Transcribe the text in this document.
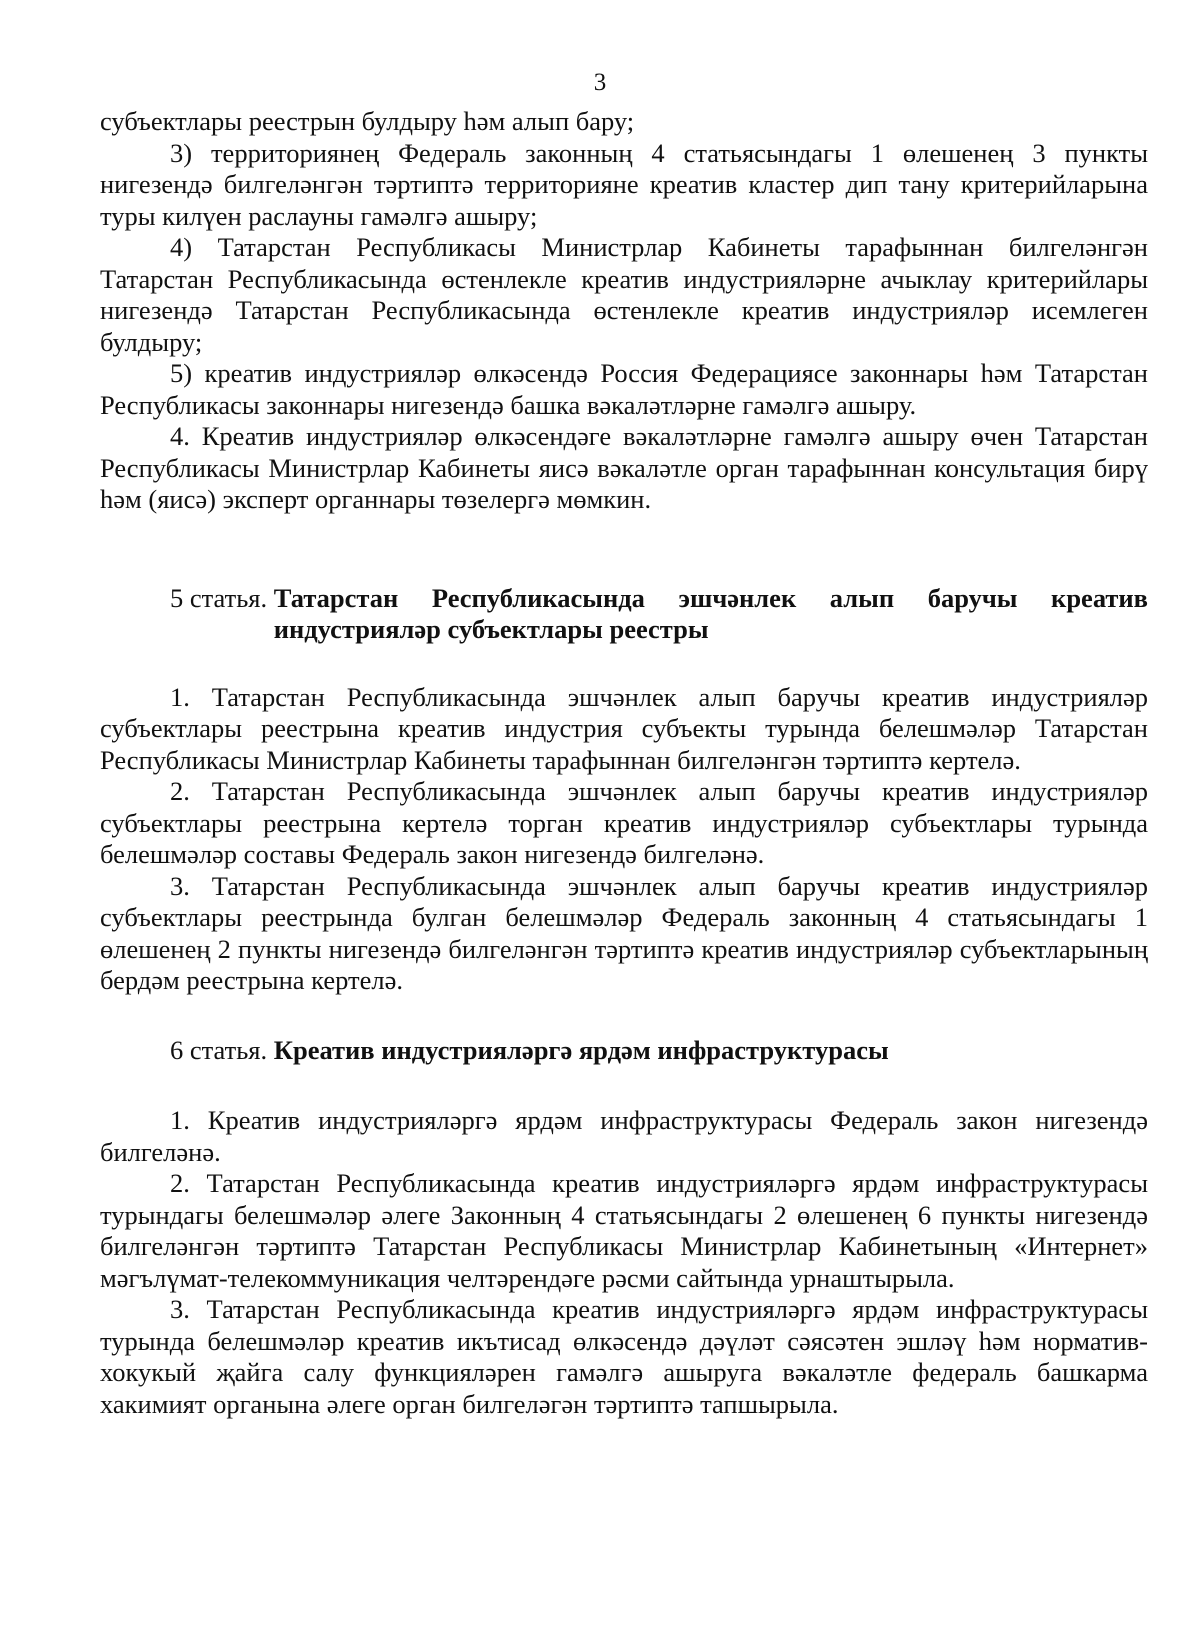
3

субъектлары реестрын булдыру һәм алып бару;

3) территориянең Федераль законның 4 статьясындагы 1 өлешенең 3 пункты нигезендә билгеләнгән тәртиптә территорияне креатив кластер дип тану критерийларына туры килүен раслауны гамәлгә ашыру;

4) Татарстан Республикасы Министрлар Кабинеты тарафыннан билгеләнгән Татарстан Республикасында өстенлекле креатив индустрияләрне ачыклау критерийлары нигезендә Татарстан Республикасында өстенлекле креатив индустрияләр исемлеген булдыру;

5) креатив индустрияләр өлкәсендә Россия Федерациясе законнары һәм Татарстан Республикасы законнары нигезендә башка вәкаләтләрне гамәлгә ашыру.

4. Креатив индустрияләр өлкәсендәге вәкаләтләрне гамәлгә ашыру өчен Татарстан Республикасы Министрлар Кабинеты яисә вәкаләтле орган тарафыннан консультация бирү һәм (яисә) эксперт органнары төзелергә мөмкин.

5 статья. Татарстан Республикасында эшчәнлек алып баручы креатив индустрияләр субъектлары реестры

1. Татарстан Республикасында эшчәнлек алып баручы креатив индустрияләр субъектлары реестрына креатив индустрия субъекты турында белешмәләр Татарстан Республикасы Министрлар Кабинеты тарафыннан билгеләнгән тәртиптә кертелә.

2. Татарстан Республикасында эшчәнлек алып баручы креатив индустрияләр субъектлары реестрына кертелә торган креатив индустрияләр субъектлары турында белешмәләр составы Федераль закон нигезендә билгеләнә.

3. Татарстан Республикасында эшчәнлек алып баручы креатив индустрияләр субъектлары реестрында булган белешмәләр Федераль законның 4 статьясындагы 1 өлешенең 2 пункты нигезендә билгеләнгән тәртиптә креатив индустрияләр субъектларының бердәм реестрына кертелә.

6 статья. Креатив индустрияләргә ярдәм инфраструктурасы

1. Креатив индустрияләргә ярдәм инфраструктурасы Федераль закон нигезендә билгеләнә.

2. Татарстан Республикасында креатив индустрияләргә ярдәм инфраструктурасы турындагы белешмәләр әлеге Законның 4 статьясындагы 2 өлешенең 6 пункты нигезендә билгеләнгән тәртиптә Татарстан Республикасы Министрлар Кабинетының «Интернет» мәгълүмат-телекоммуникация челтәрендәге рәсми сайтында урнаштырыла.

3. Татарстан Республикасында креатив индустрияләргә ярдәм инфраструктурасы турында белешмәләр креатив икътисад өлкәсендә дәүләт сәясәтен эшләү һәм норматив-хокукый җайга салу функцияләрен гамәлгә ашыруга вәкаләтле федераль башкарма хакимият органына әлеге орган билгеләгән тәртиптә тапшырыла.
